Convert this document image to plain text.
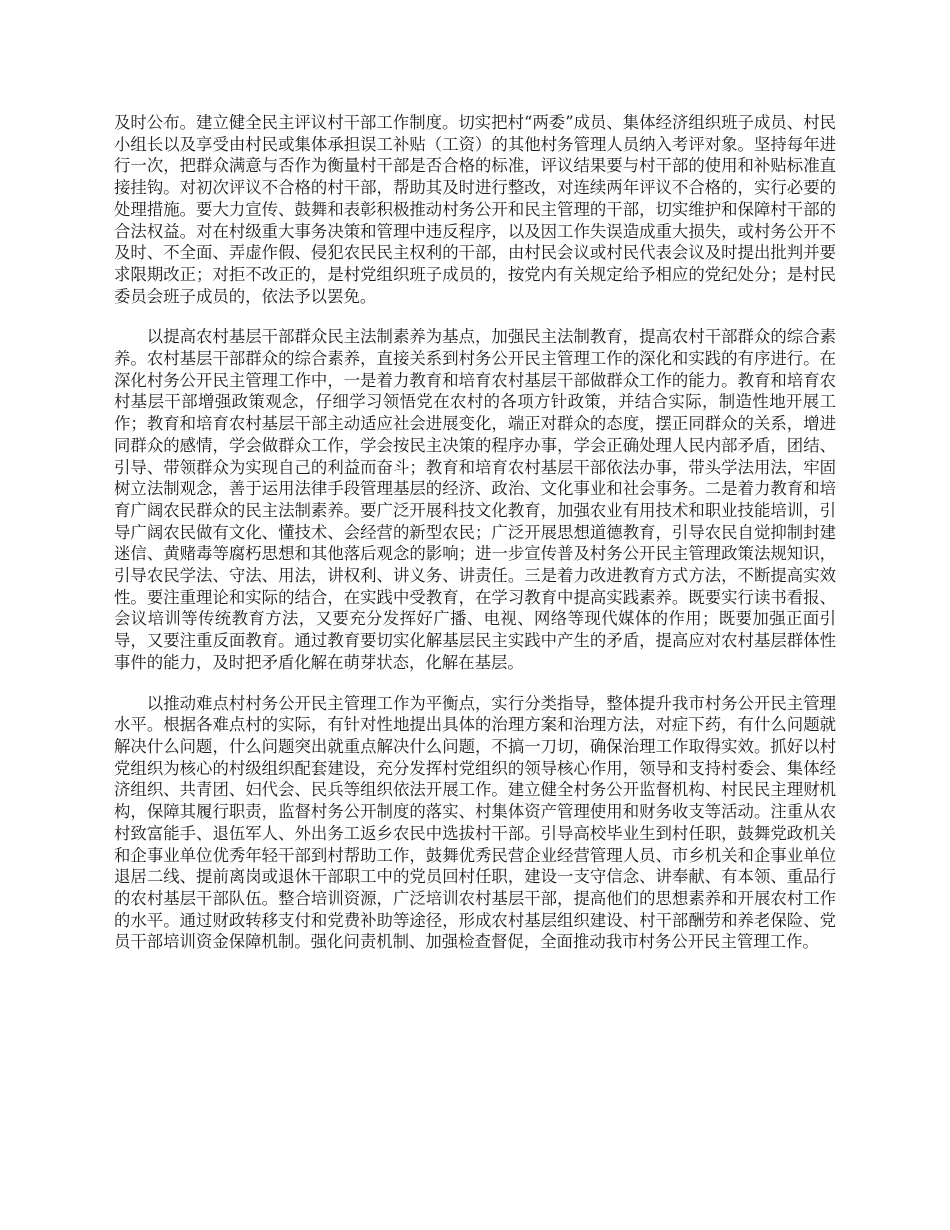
及时公布。建立健全民主评议村干部工作制度。切实把村“两委”成员、集体经济组织班子成员、村民小组长以及享受由村民或集体承担误工补贴（工资）的其他村务管理人员纳入考评对象。坚持每年进行一次，把群众满意与否作为衡量村干部是否合格的标准，评议结果要与村干部的使用和补贴标准直接挂钩。对初次评议不合格的村干部，帮助其及时进行整改，对连续两年评议不合格的，实行必要的处理措施。要大力宣传、鼓舞和表彰积极推动村务公开和民主管理的干部，切实维护和保障村干部的合法权益。对在村级重大事务决策和管理中违反程序，以及因工作失误造成重大损失，或村务公开不及时、不全面、弄虚作假、侵犯农民民主权利的干部，由村民会议或村民代表会议及时提出批判并要求限期改正；对拒不改正的，是村党组织班子成员的，按党内有关规定给予相应的党纪处分；是村民委员会班子成员的，依法予以罢免。

以提高农村基层干部群众民主法制素养为基点，加强民主法制教育，提高农村干部群众的综合素养。农村基层干部群众的综合素养，直接关系到村务公开民主管理工作的深化和实践的有序进行。在深化村务公开民主管理工作中，一是着力教育和培育农村基层干部做群众工作的能力。教育和培育农村基层干部增强政策观念，仔细学习领悟党在农村的各项方针政策，并结合实际，制造性地开展工作；教育和培育农村基层干部主动适应社会进展变化，端正对群众的态度，摆正同群众的关系，增进同群众的感情，学会做群众工作，学会按民主决策的程序办事，学会正确处理人民内部矛盾，团结、引导、带领群众为实现自己的利益而奋斗；教育和培育农村基层干部依法办事，带头学法用法，牢固树立法制观念，善于运用法律手段管理基层的经济、政治、文化事业和社会事务。二是着力教育和培育广阔农民群众的民主法制素养。要广泛开展科技文化教育，加强农业有用技术和职业技能培训，引导广阔农民做有文化、懂技术、会经营的新型农民；广泛开展思想道德教育，引导农民自觉抑制封建迷信、黄赌毒等腐朽思想和其他落后观念的影响；进一步宣传普及村务公开民主管理政策法规知识，引导农民学法、守法、用法，讲权利、讲义务、讲责任。三是着力改进教育方式方法，不断提高实效性。要注重理论和实际的结合，在实践中受教育，在学习教育中提高实践素养。既要实行读书看报、会议培训等传统教育方法，又要充分发挥好广播、电视、网络等现代媒体的作用；既要加强正面引导，又要注重反面教育。通过教育要切实化解基层民主实践中产生的矛盾，提高应对农村基层群体性事件的能力，及时把矛盾化解在萌芽状态，化解在基层。

以推动难点村村务公开民主管理工作为平衡点，实行分类指导，整体提升我市村务公开民主管理水平。根据各难点村的实际，有针对性地提出具体的治理方案和治理方法，对症下药，有什么问题就解决什么问题，什么问题突出就重点解决什么问题，不搞一刀切，确保治理工作取得实效。抓好以村党组织为核心的村级组织配套建设，充分发挥村党组织的领导核心作用，领导和支持村委会、集体经济组织、共青团、妇代会、民兵等组织依法开展工作。建立健全村务公开监督机构、村民民主理财机构，保障其履行职责，监督村务公开制度的落实、村集体资产管理使用和财务收支等活动。注重从农村致富能手、退伍军人、外出务工返乡农民中选拔村干部。引导高校毕业生到村任职，鼓舞党政机关和企事业单位优秀年轻干部到村帮助工作，鼓舞优秀民营企业经营管理人员、市乡机关和企事业单位退居二线、提前离岗或退休干部职工中的党员回村任职，建设一支守信念、讲奉献、有本领、重品行的农村基层干部队伍。整合培训资源，广泛培训农村基层干部，提高他们的思想素养和开展农村工作的水平。通过财政转移支付和党费补助等途径，形成农村基层组织建设、村干部酬劳和养老保险、党员干部培训资金保障机制。强化问责机制、加强检查督促，全面推动我市村务公开民主管理工作。
